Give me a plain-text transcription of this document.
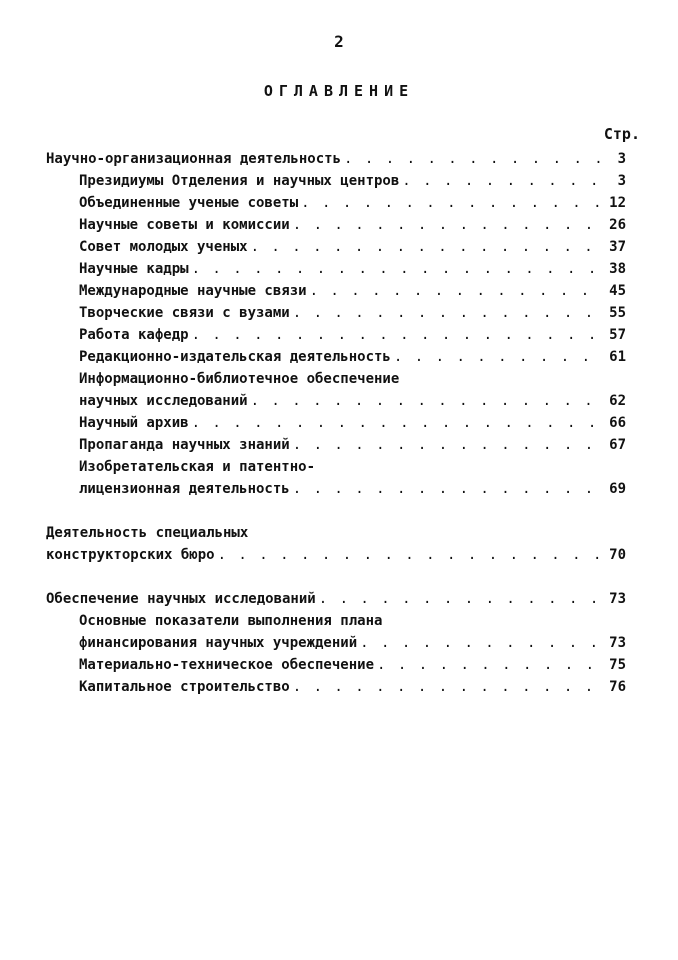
2
ОГЛАВЛЕНИЕ
Стр.
Научно-организационная деятельность . . .	3
Президиумы Отделения и научных центров . . .	3
Объединенные ученые советы . . .	12
Научные советы и комиссии . . .	26
Совет молодых ученых . . .	37
Научные кадры . . .	38
Международные научные связи . . .	45
Творческие связи с вузами . . .	55
Работа кафедр . . .	57
Редакционно-издательская деятельность . . .	61
Информационно-библиотечное обеспечение
научных исследований . . .	62
Научный архив . . .	66
Пропаганда научных знаний . . .	67
Изобретательская и патентно-
лицензионная деятельность . . .	69
Деятельность специальных
конструкторских бюро . . .	70
Обеспечение научных исследований . . .	73
Основные показатели выполнения плана
финансирования научных учреждений . . .	73
Материально-техническое обеспечение . . .	75
Капитальное строительство . . .	76
